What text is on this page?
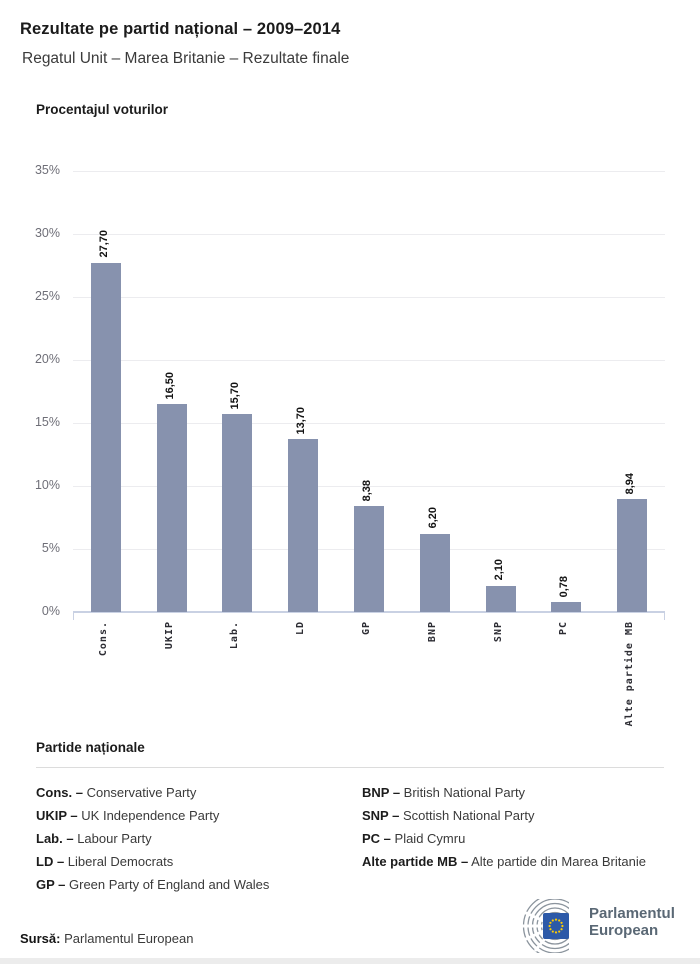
Rezultate pe partid național – 2009–2014
Regatul Unit – Marea Britanie – Rezultate finale
Procentajul voturilor
0%
5%
10%
15%
20%
25%
30%
35%
27,70
Cons.
16,50
UKIP
15,70
Lab.
13,70
LD
8,38
GP
6,20
BNP
2,10
SNP
0,78
PC
8,94
Alte partide MB
Partide naționale
Cons. – Conservative Party
UKIP – UK Independence Party
Lab. – Labour Party
LD – Liberal Democrats
GP – Green Party of England and Wales
BNP – British National Party
SNP – Scottish National Party
PC – Plaid Cymru
Alte partide MB – Alte partide din Marea Britanie
Sursă: Parlamentul European
Parlamentul
European
